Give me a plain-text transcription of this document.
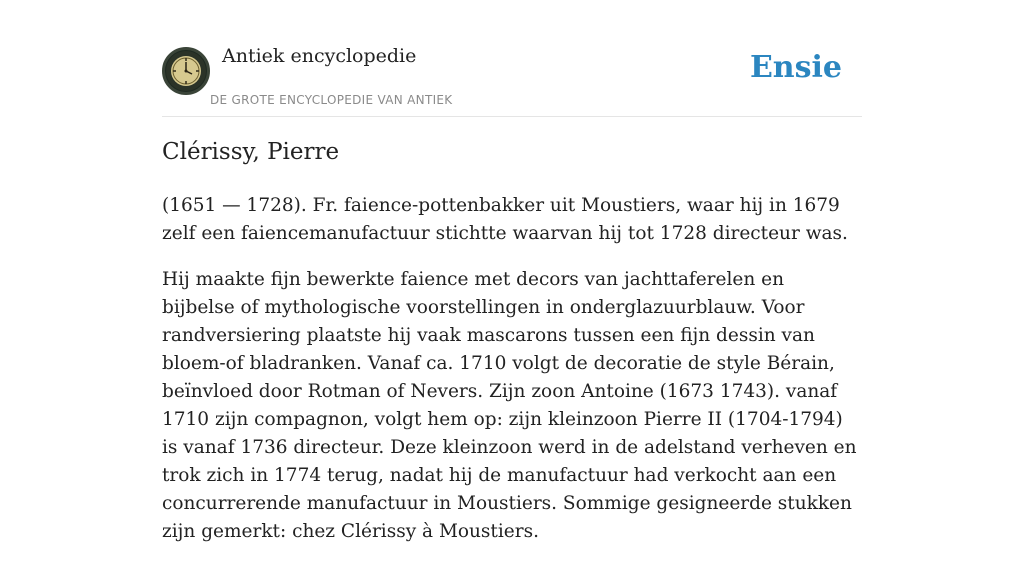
Antiek encyclopedie
DE GROTE ENCYCLOPEDIE VAN ANTIEK
Ensie
Clérissy, Pierre

(1651 — 1728). Fr. faience-pottenbakker uit Moustiers, waar hij in 1679 zelf een faiencemanufactuur stichtte waarvan hij tot 1728 directeur was.

Hij maakte fijn bewerkte faience met decors van jachttaferelen en bijbelse of mythologische voorstellingen in onderglazuurblauw. Voor randversiering plaatste hij vaak mascarons tussen een fijn dessin van bloem-of bladranken. Vanaf ca. 1710 volgt de decoratie de style Bérain, beïnvloed door Rotman of Nevers. Zijn zoon Antoine (1673 1743). vanaf 1710 zijn compagnon, volgt hem op: zijn kleinzoon Pierre II (1704-1794) is vanaf 1736 directeur. Deze kleinzoon werd in de adelstand verheven en trok zich in 1774 terug, nadat hij de manufactuur had verkocht aan een concurrerende manufactuur in Moustiers. Sommige gesigneerde stukken zijn gemerkt: chez Clérissy à Moustiers.
